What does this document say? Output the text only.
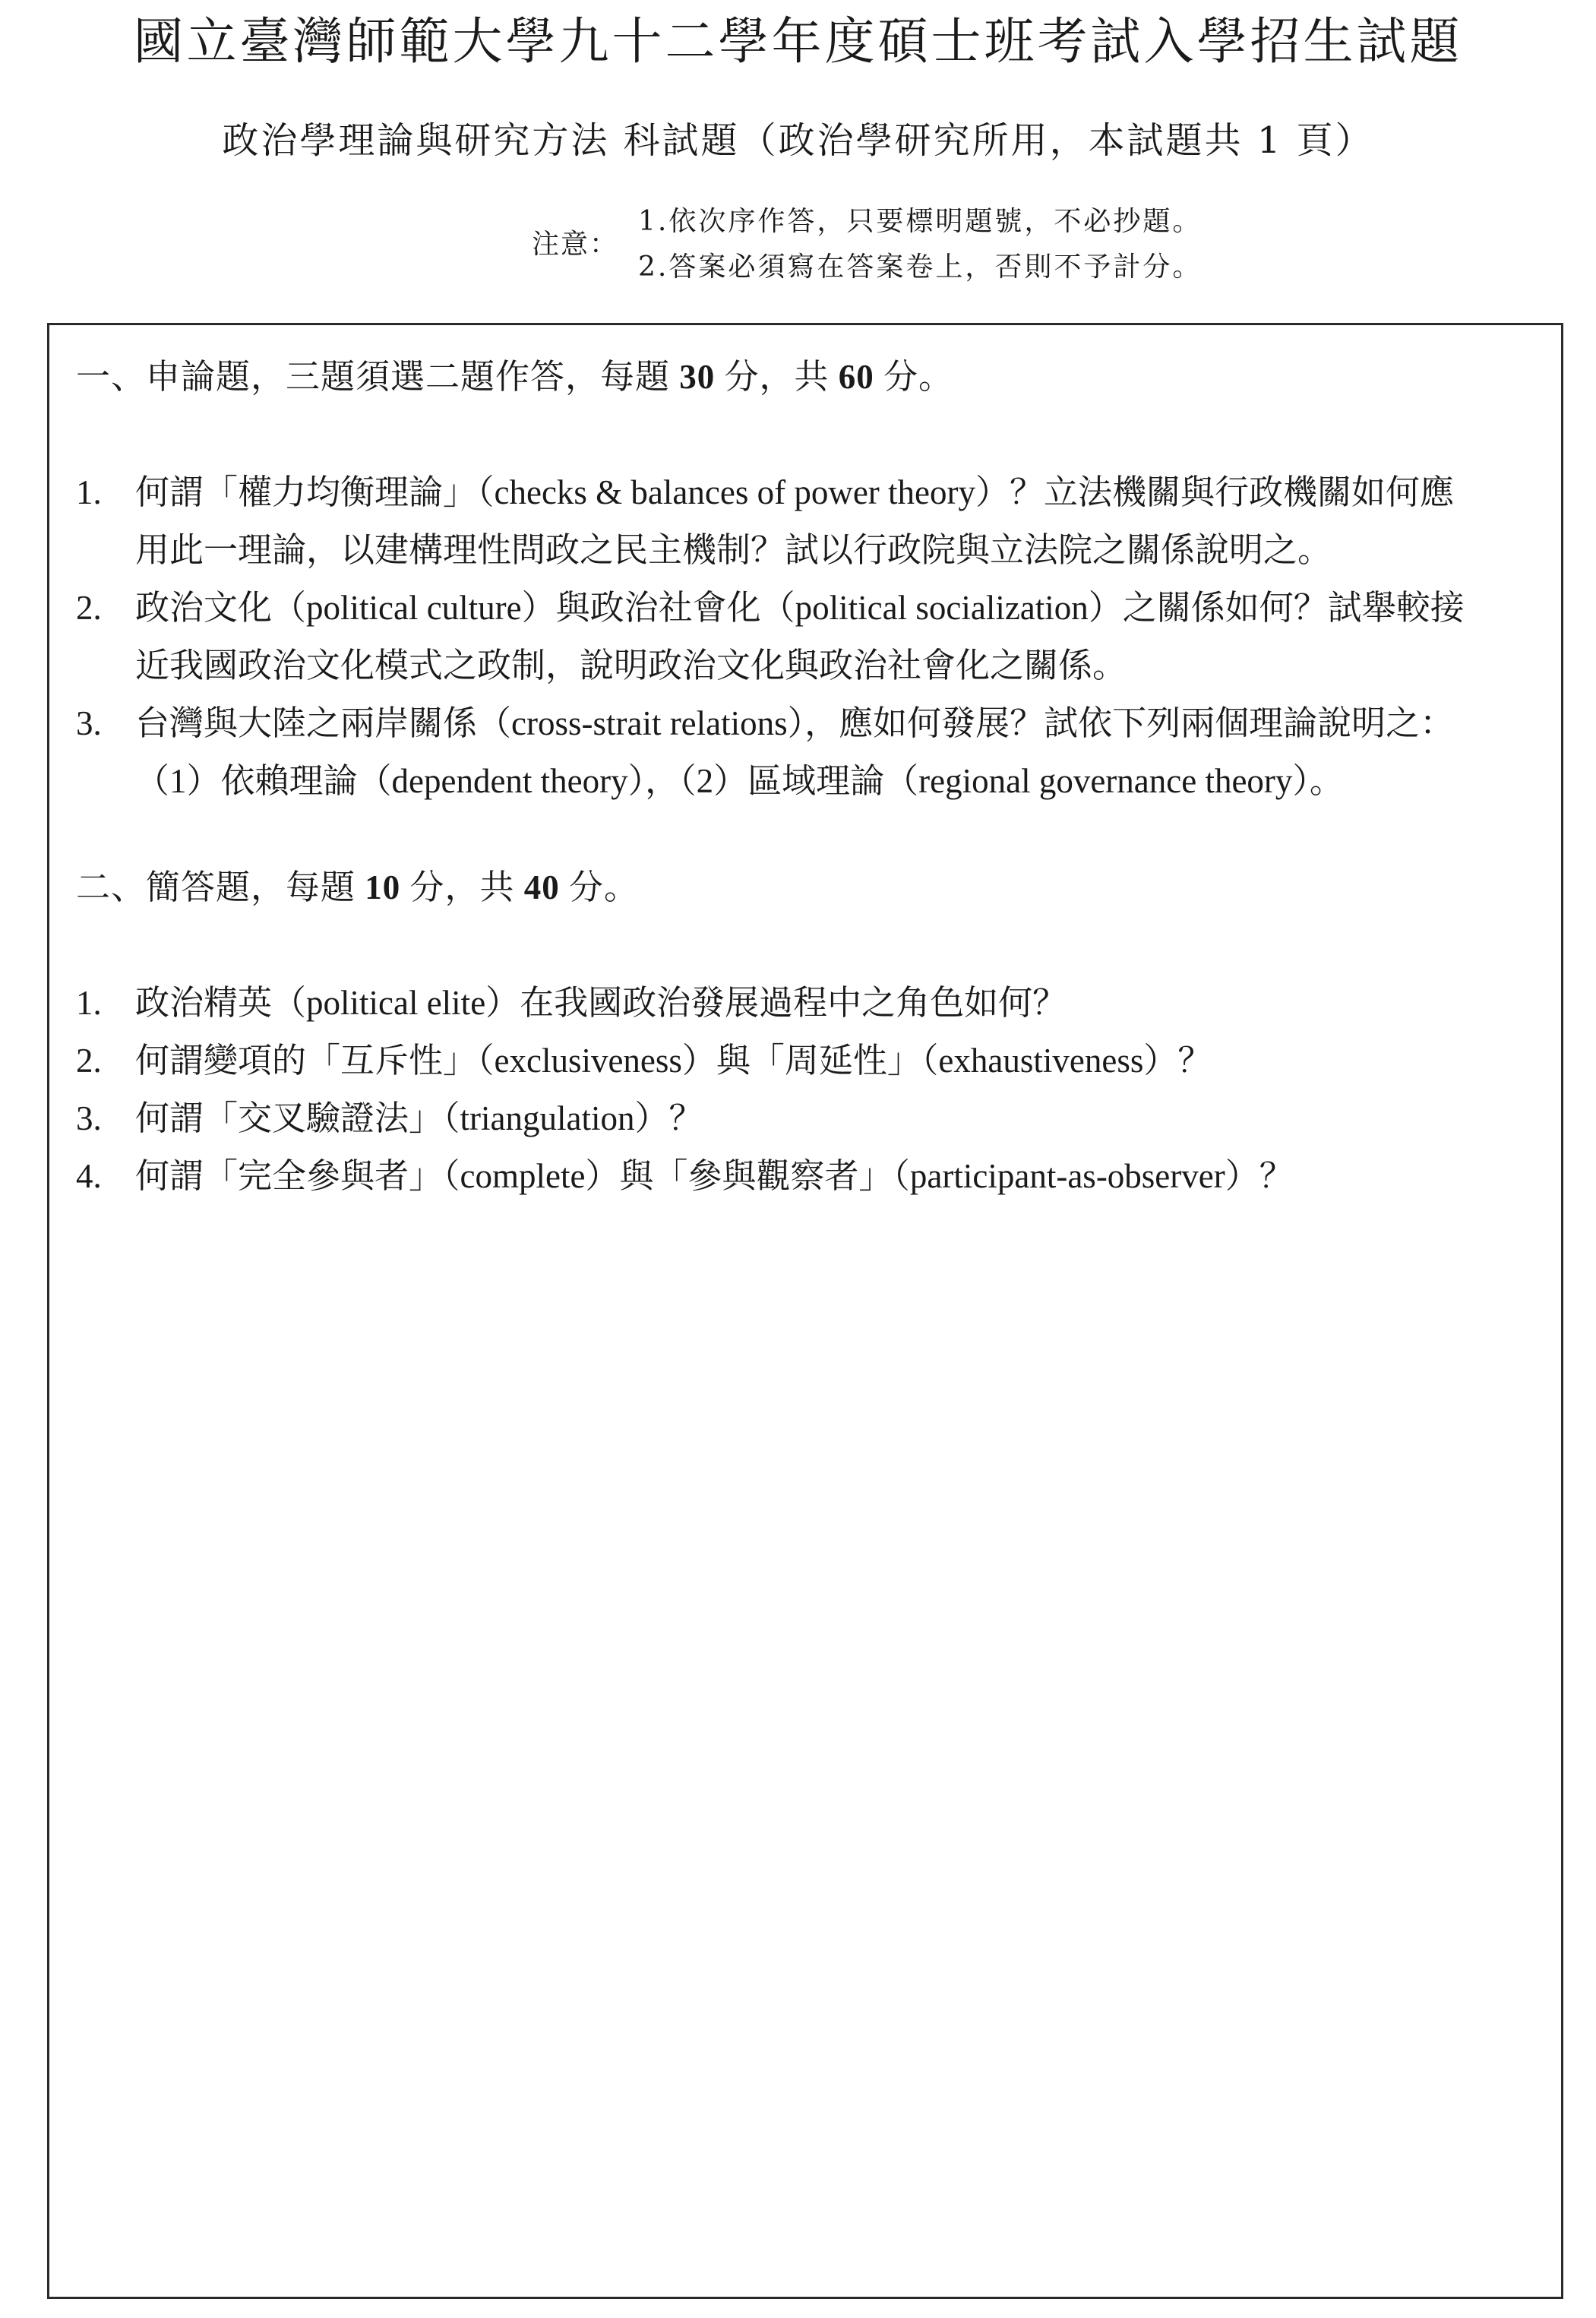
國立臺灣師範大學九十二學年度碩士班考試入學招生試題
政治學理論與研究方法 科試題（政治學研究所用，本試題共 1 頁）
注意：
1.依次序作答，只要標明題號，不必抄題。
2.答案必須寫在答案卷上，否則不予計分。
一、申論題，三題須選二題作答，每題 30 分，共 60 分。
1. 何謂「權力均衡理論」（checks & balances of power theory）？立法機關與行政機關如何應用此一理論，以建構理性問政之民主機制？試以行政院與立法院之關係說明之。
2. 政治文化（political culture）與政治社會化（political socialization）之關係如何？試舉較接近我國政治文化模式之政制，說明政治文化與政治社會化之關係。
3. 台灣與大陸之兩岸關係（cross-strait relations），應如何發展？試依下列兩個理論說明之：（1）依賴理論（dependent theory），（2）區域理論（regional governance theory）。
二、簡答題，每題 10 分，共 40 分。
1. 政治精英（political elite）在我國政治發展過程中之角色如何？
2. 何謂變項的「互斥性」（exclusiveness）與「周延性」（exhaustiveness）？
3. 何謂「交叉驗證法」（triangulation）？
4. 何謂「完全參與者」（complete）與「參與觀察者」（participant-as-observer）？
